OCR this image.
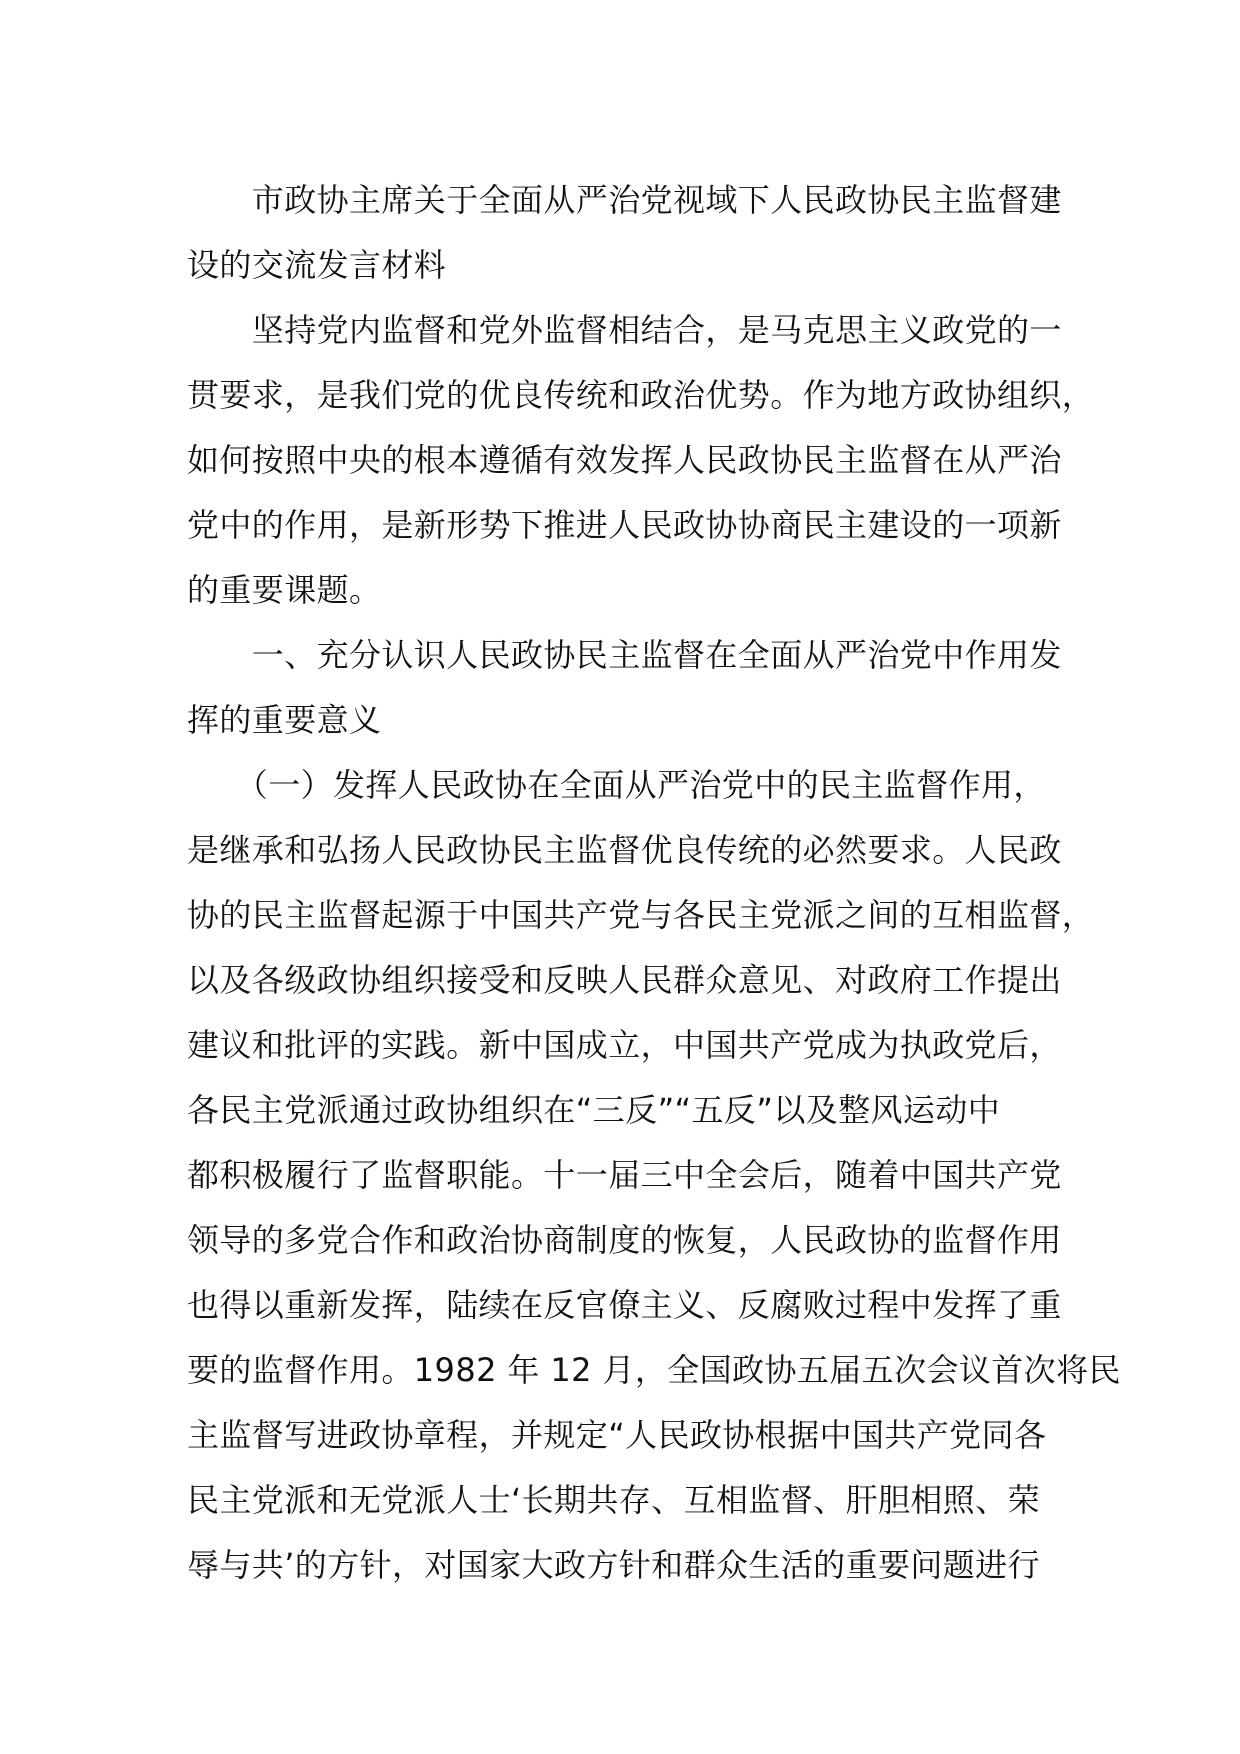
　　市政协主席关于全面从严治党视域下人民政协民主监督建
设的交流发言材料
　　坚持党内监督和党外监督相结合，是马克思主义政党的一
贯要求，是我们党的优良传统和政治优势。作为地方政协组织，
如何按照中央的根本遵循有效发挥人民政协民主监督在从严治
党中的作用，是新形势下推进人民政协协商民主建设的一项新
的重要课题。
　　一、充分认识人民政协民主监督在全面从严治党中作用发
挥的重要意义
　　（一）发挥人民政协在全面从严治党中的民主监督作用，
是继承和弘扬人民政协民主监督优良传统的必然要求。人民政
协的民主监督起源于中国共产党与各民主党派之间的互相监督，
以及各级政协组织接受和反映人民群众意见、对政府工作提出
建议和批评的实践。新中国成立，中国共产党成为执政党后，
各民主党派通过政协组织在“三反”“五反”以及整风运动中
都积极履行了监督职能。十一届三中全会后，随着中国共产党
领导的多党合作和政治协商制度的恢复，人民政协的监督作用
也得以重新发挥，陆续在反官僚主义、反腐败过程中发挥了重
要的监督作用。1982 年 12 月，全国政协五届五次会议首次将民
主监督写进政协章程，并规定“人民政协根据中国共产党同各
民主党派和无党派人士‘长期共存、互相监督、肝胆相照、荣
辱与共’的方针，对国家大政方针和群众生活的重要问题进行
